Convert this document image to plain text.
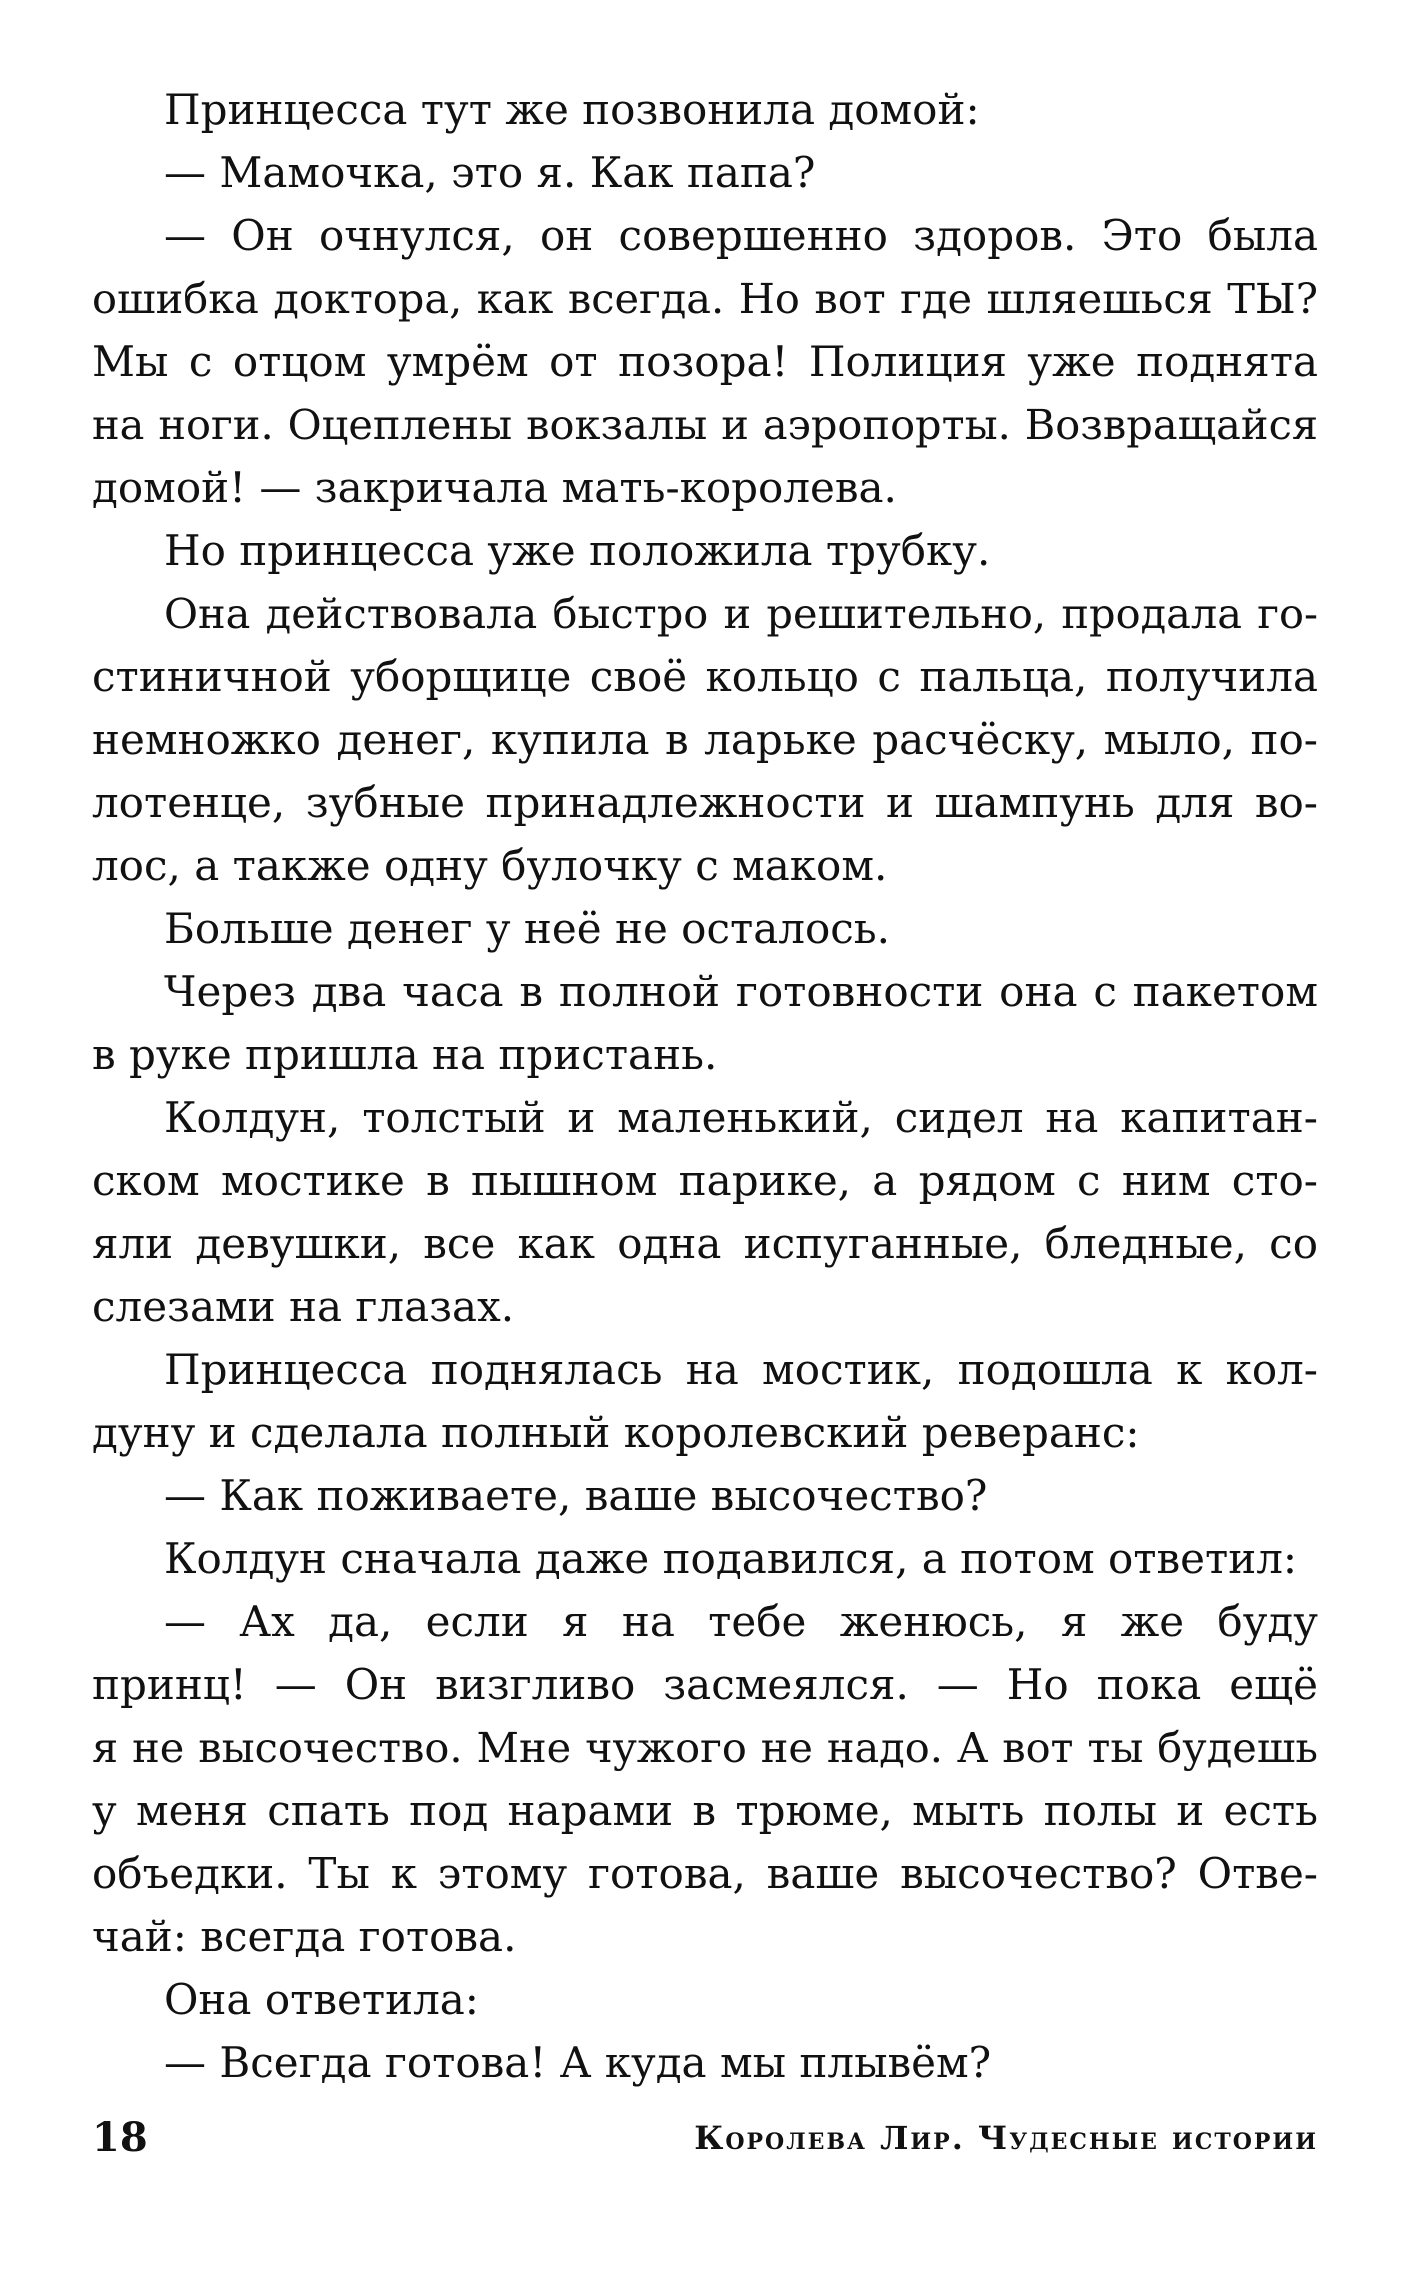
Принцесса тут же позвонила домой:
— Мамочка, это я. Как папа?
— Он очнулся, он совершенно здоров. Это была
ошибка доктора, как всегда. Но вот где шляешься ТЫ?
Мы с отцом умрём от позора! Полиция уже поднята
на ноги. Оцеплены вокзалы и аэропорты. Возвращайся
домой! — закричала мать-королева.
Но принцесса уже положила трубку.
Она действовала быстро и решительно, продала го-
стиничной уборщице своё кольцо с пальца, получила
немножко денег, купила в ларьке расчёску, мыло, по-
лотенце, зубные принадлежности и шампунь для во-
лос, а также одну булочку с маком.
Больше денег у неё не осталось.
Через два часа в полной готовности она с пакетом
в руке пришла на пристань.
Колдун, толстый и маленький, сидел на капитан-
ском мостике в пышном парике, а рядом с ним сто-
яли девушки, все как одна испуганные, бледные, со
слезами на глазах.
Принцесса поднялась на мостик, подошла к кол-
дуну и сделала полный королевский реверанс:
— Как поживаете, ваше высочество?
Колдун сначала даже подавился, а потом ответил:
— Ах да, если я на тебе женюсь, я же буду
принц! — Он визгливо засмеялся. — Но пока ещё
я не высочество. Мне чужого не надо. А вот ты будешь
у меня спать под нарами в трюме, мыть полы и есть
объедки. Ты к этому готова, ваше высочество? Отве-
чай: всегда готова.
Она ответила:
— Всегда готова! А куда мы плывём?
18	Королева Лир. Чудесные истории
